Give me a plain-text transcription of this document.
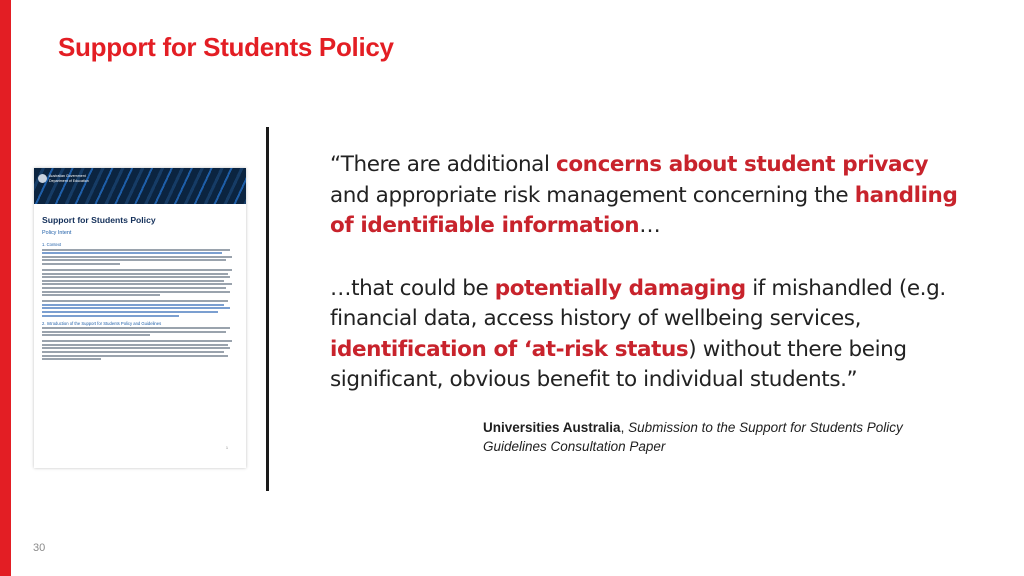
Support for Students Policy
Australian Government
Department of Education
Support for Students Policy
Policy Intent
1. Context
2. Introduction of the Support for Students Policy and Guidelines
1

“There are additional concerns about student privacy and appropriate risk management concerning the handling of identifiable information…

…that could be potentially damaging if mishandled (e.g. financial data, access history of wellbeing services, identification of ‘at-risk status) without there being significant, obvious benefit to individual students.”

Universities Australia, Submission to the Support for Students Policy Guidelines Consultation Paper
30
